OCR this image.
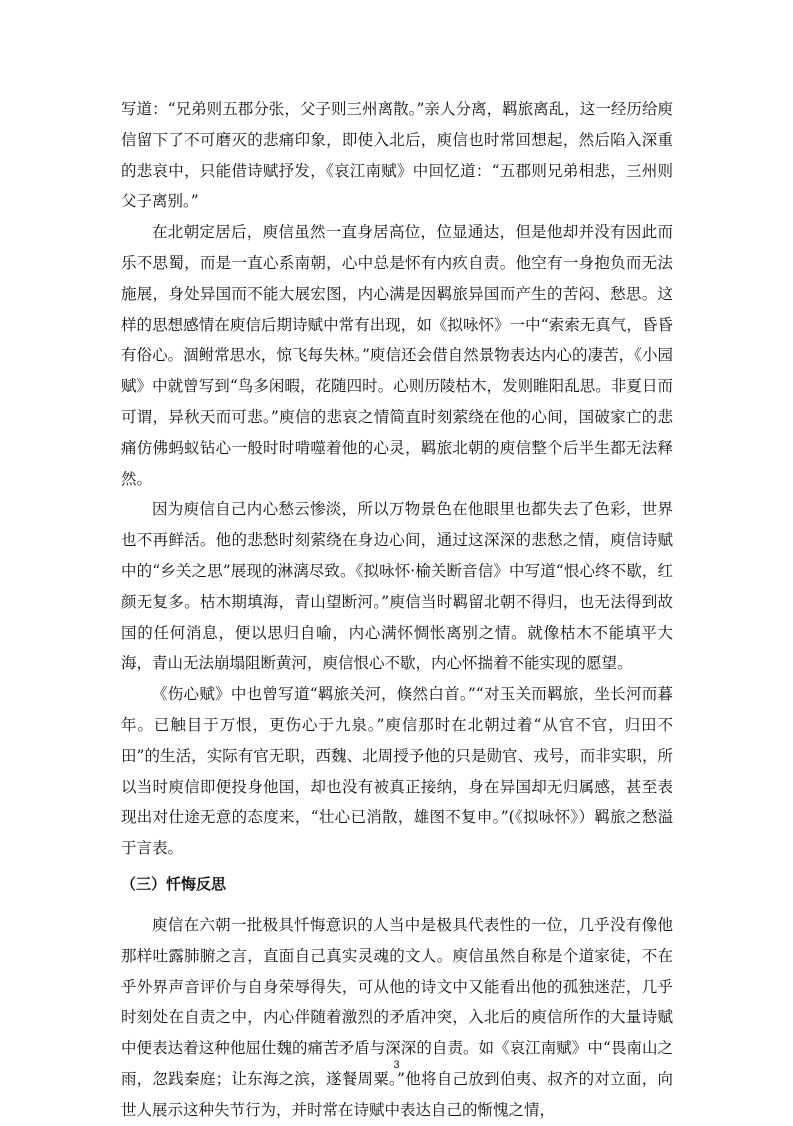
写道：“兄弟则五郡分张，父子则三州离散。”亲人分离，羁旅离乱，这一经历给庾信留下了不可磨灭的悲痛印象，即使入北后，庾信也时常回想起，然后陷入深重的悲哀中，只能借诗赋抒发，《哀江南赋》中回忆道：“五郡则兄弟相悲，三州则父子离别。”

在北朝定居后，庾信虽然一直身居高位，位显通达，但是他却并没有因此而乐不思蜀，而是一直心系南朝，心中总是怀有内疚自责。他空有一身抱负而无法施展，身处异国而不能大展宏图，内心满是因羁旅异国而产生的苦闷、愁思。这样的思想感情在庾信后期诗赋中常有出现，如《拟咏怀》一中“索索无真气，昏昏有俗心。涸鲋常思水，惊飞每失林。”庾信还会借自然景物表达内心的凄苦，《小园赋》中就曾写到“鸟多闲暇，花随四时。心则历陵枯木，发则睢阳乱思。非夏日而可谓，异秋天而可悲。”庾信的悲哀之情简直时刻萦绕在他的心间，国破家亡的悲痛仿佛蚂蚁钻心一般时时啃噬着他的心灵，羁旅北朝的庾信整个后半生都无法释然。

因为庾信自己内心愁云惨淡，所以万物景色在他眼里也都失去了色彩，世界也不再鲜活。他的悲愁时刻萦绕在身边心间，通过这深深的悲愁之情，庾信诗赋中的“乡关之思”展现的淋漓尽致。《拟咏怀·榆关断音信》中写道“恨心终不歇，红颜无复多。枯木期填海，青山望断河。”庾信当时羁留北朝不得归，也无法得到故国的任何消息，便以思归自喻，内心满怀惆怅离别之情。就像枯木不能填平大海，青山无法崩塌阻断黄河，庾信恨心不歇，内心怀揣着不能实现的愿望。

《伤心赋》中也曾写道“羁旅关河，倏然白首。”“对玉关而羁旅，坐长河而暮年。已触目于万恨，更伤心于九泉。”庾信那时在北朝过着“从官不官，归田不田”的生活，实际有官无职，西魏、北周授予他的只是勋官、戎号，而非实职，所以当时庾信即便投身他国，却也没有被真正接纳，身在异国却无归属感，甚至表现出对仕途无意的态度来，“壮心已消散，雄图不复申。”(《拟咏怀》）羁旅之愁溢于言表。

（三）忏悔反思

庾信在六朝一批极具忏悔意识的人当中是极具代表性的一位，几乎没有像他那样吐露肺腑之言，直面自己真实灵魂的文人。庾信虽然自称是个道家徒，不在乎外界声音评价与自身荣辱得失，可从他的诗文中又能看出他的孤独迷茫，几乎时刻处在自责之中，内心伴随着激烈的矛盾冲突，入北后的庾信所作的大量诗赋中便表达着这种他屈仕魏的痛苦矛盾与深深的自责。如《哀江南赋》中“畏南山之雨，忽践秦庭；让东海之滨，遂餐周粟。”他将自己放到伯夷、叔齐的对立面，向世人展示这种失节行为，并时常在诗赋中表达自己的惭愧之情，

3
